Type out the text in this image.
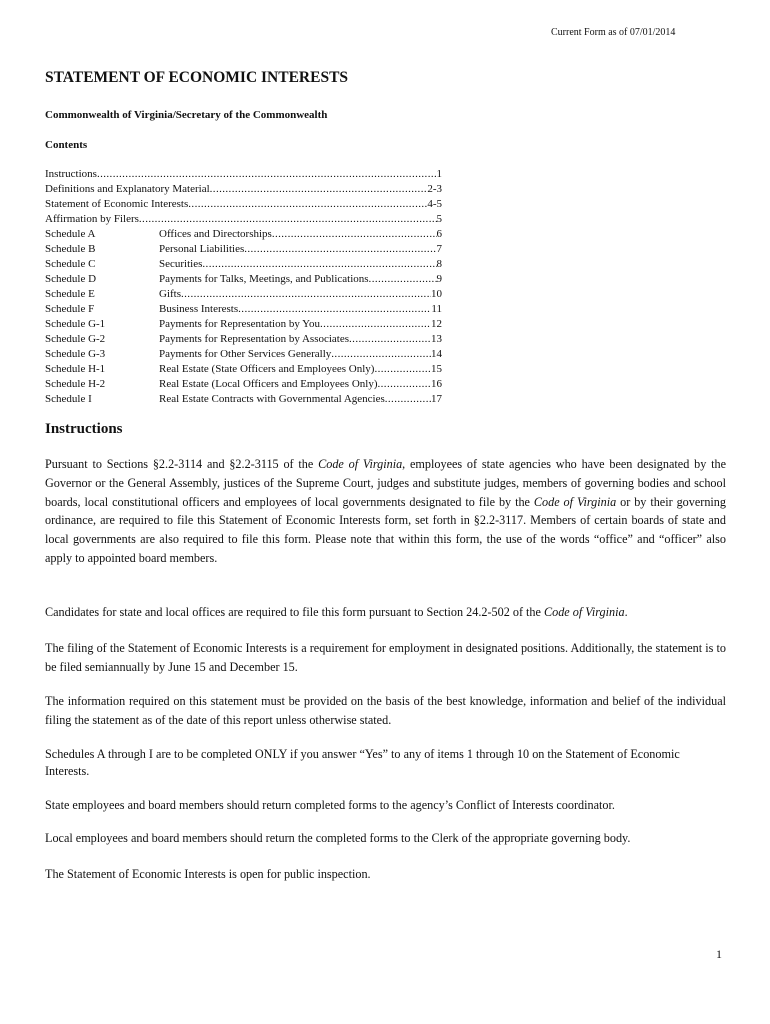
Current Form as of 07/01/2014
STATEMENT OF ECONOMIC INTERESTS
Commonwealth of Virginia/Secretary of the Commonwealth
Contents
Instructions .....	1
Definitions and Explanatory Material .....	2-3
Statement of Economic Interests .....	4-5
Affirmation by Filers .....	5
Schedule A	Offices and Directorships .....	6
Schedule B	Personal Liabilities .....	7
Schedule C	Securities .....	8
Schedule D	Payments for Talks, Meetings, and Publications .....	9
Schedule E	Gifts .....	10
Schedule F	Business Interests .....	11
Schedule G-1	Payments for Representation by You .....	12
Schedule G-2	Payments for Representation by Associates .....	13
Schedule G-3	Payments for Other Services Generally .....	14
Schedule H-1	Real Estate (State Officers and Employees Only) .....	15
Schedule H-2	Real Estate (Local Officers and Employees Only) .....	16
Schedule I	Real Estate Contracts with Governmental Agencies .....	17
Instructions

Pursuant to Sections §2.2-3114 and §2.2-3115 of the Code of Virginia, employees of state agencies who have been designated by the Governor or the General Assembly, justices of the Supreme Court, judges and substitute judges, members of governing bodies and school boards, local constitutional officers and employees of local governments designated to file by the Code of Virginia or by their governing ordinance, are required to file this Statement of Economic Interests form, set forth in §2.2-3117. Members of certain boards of state and local governments are also required to file this form. Please note that within this form, the use of the words “office” and “officer” also apply to appointed board members.

Candidates for state and local offices are required to file this form pursuant to Section 24.2-502 of the Code of Virginia.

The filing of the Statement of Economic Interests is a requirement for employment in designated positions. Additionally, the statement is to be filed semiannually by June 15 and December 15.

The information required on this statement must be provided on the basis of the best knowledge, information and belief of the individual filing the statement as of the date of this report unless otherwise stated.

Schedules A through I are to be completed ONLY if you answer “Yes” to any of items 1 through 10 on the Statement of Economic Interests.

State employees and board members should return completed forms to the agency’s Conflict of Interests coordinator.

Local employees and board members should return the completed forms to the Clerk of the appropriate governing body.

The Statement of Economic Interests is open for public inspection.

1
